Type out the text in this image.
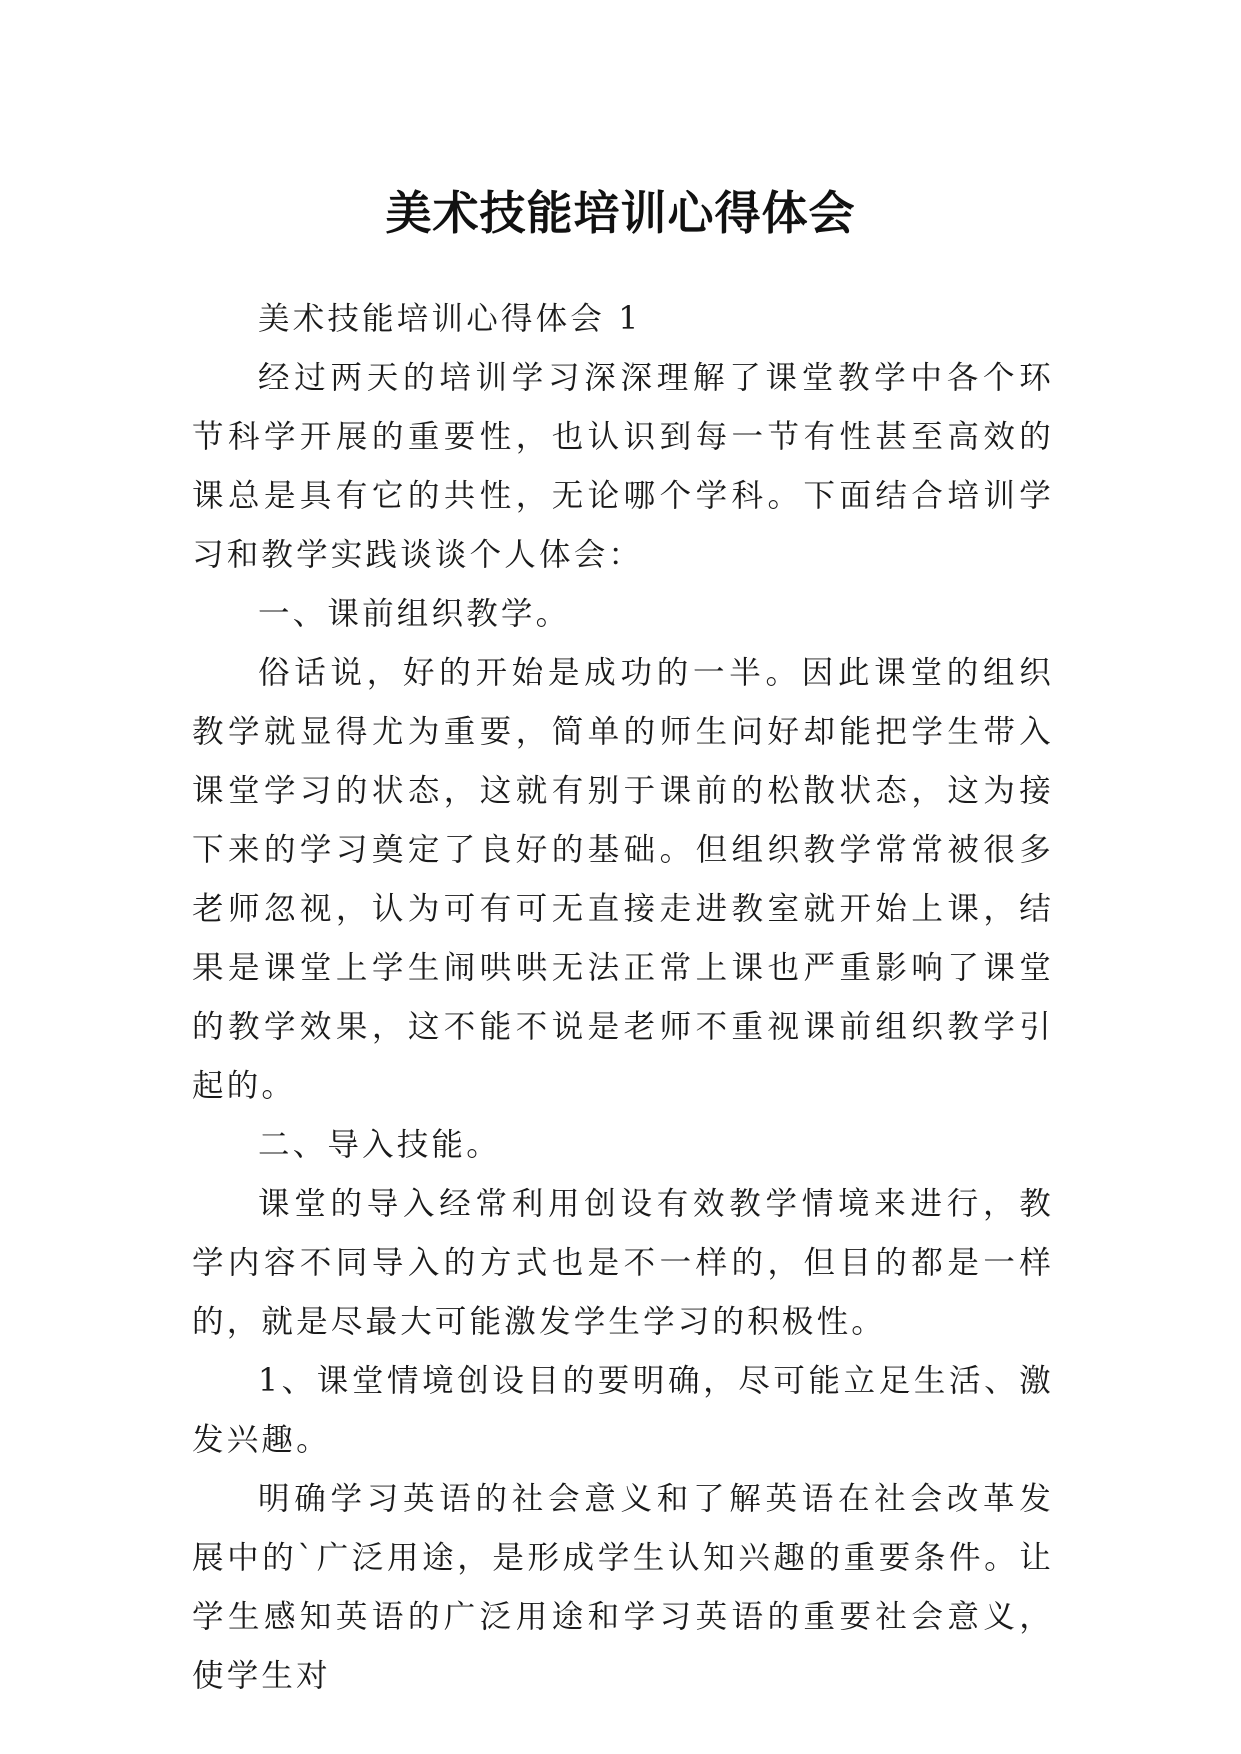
美术技能培训心得体会

美术技能培训心得体会 1

经过两天的培训学习深深理解了课堂教学中各个环节科学开展的重要性，也认识到每一节有性甚至高效的课总是具有它的共性，无论哪个学科。下面结合培训学习和教学实践谈谈个人体会：

一、课前组织教学。

俗话说，好的开始是成功的一半。因此课堂的组织教学就显得尤为重要，简单的师生问好却能把学生带入课堂学习的状态，这就有别于课前的松散状态，这为接下来的学习奠定了良好的基础。但组织教学常常被很多老师忽视，认为可有可无直接走进教室就开始上课，结果是课堂上学生闹哄哄无法正常上课也严重影响了课堂的教学效果，这不能不说是老师不重视课前组织教学引起的。

二、导入技能。

课堂的导入经常利用创设有效教学情境来进行，教学内容不同导入的方式也是不一样的，但目的都是一样的，就是尽最大可能激发学生学习的积极性。

1、课堂情境创设目的要明确，尽可能立足生活、激发兴趣。

明确学习英语的社会意义和了解英语在社会改革发展中的`广泛用途，是形成学生认知兴趣的重要条件。让学生感知英语的广泛用途和学习英语的重要社会意义，使学生对
